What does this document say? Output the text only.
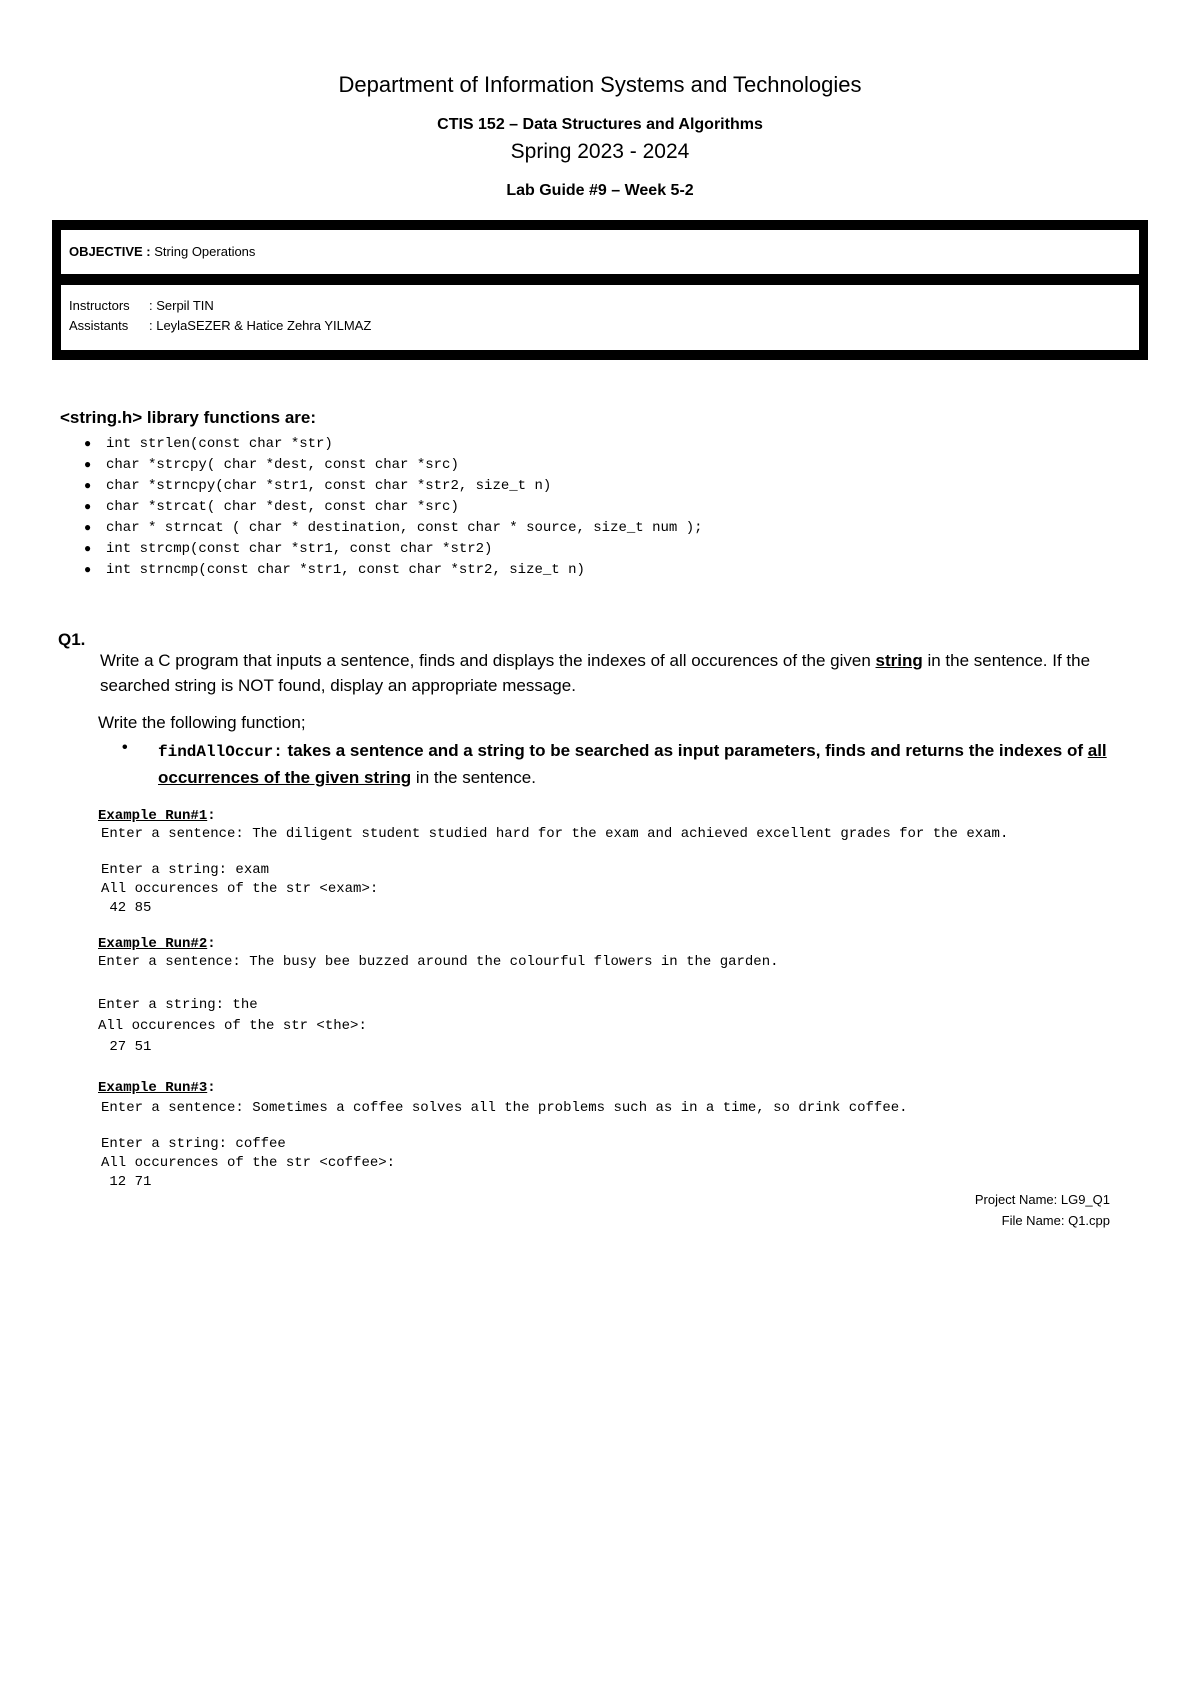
Department of Information Systems and Technologies
CTIS 152 – Data Structures and Algorithms
Spring 2023 - 2024
Lab Guide #9 – Week 5-2
OBJECTIVE : String Operations
Instructors : Serpil TIN
Assistants : LeylaSEZER & Hatice Zehra YILMAZ
<string.h> library functions are:
● int strlen(const char *str)
● char *strcpy( char *dest, const char *src)
● char *strncpy(char *str1, const char *str2, size_t n)
● char *strcat( char *dest, const char *src)
● char * strncat ( char * destination, const char * source, size_t num );
● int strcmp(const char *str1, const char *str2)
● int strncmp(const char *str1, const char *str2, size_t n)
Q1.
Write a C program that inputs a sentence, finds and displays the indexes of all occurences of the given string in the sentence. If the searched string is NOT found, display an appropriate message.
Write the following function;
• findAllOccur: takes a sentence and a string to be searched as input parameters, finds and returns the indexes of all occurrences of the given string in the sentence.
Example Run#1:
Enter a sentence: The diligent student studied hard for the exam and achieved excellent grades for the exam.
Enter a string: exam
All occurences of the str <exam>:
42 85
Example Run#2:
Enter a sentence: The busy bee buzzed around the colourful flowers in the garden.
Enter a string: the
All occurences of the str <the>:
27 51
Example Run#3:
Enter a sentence: Sometimes a coffee solves all the problems such as in a time, so drink coffee.
Enter a string: coffee
All occurences of the str <coffee>:
12 71
Project Name: LG9_Q1
File Name: Q1.cpp
